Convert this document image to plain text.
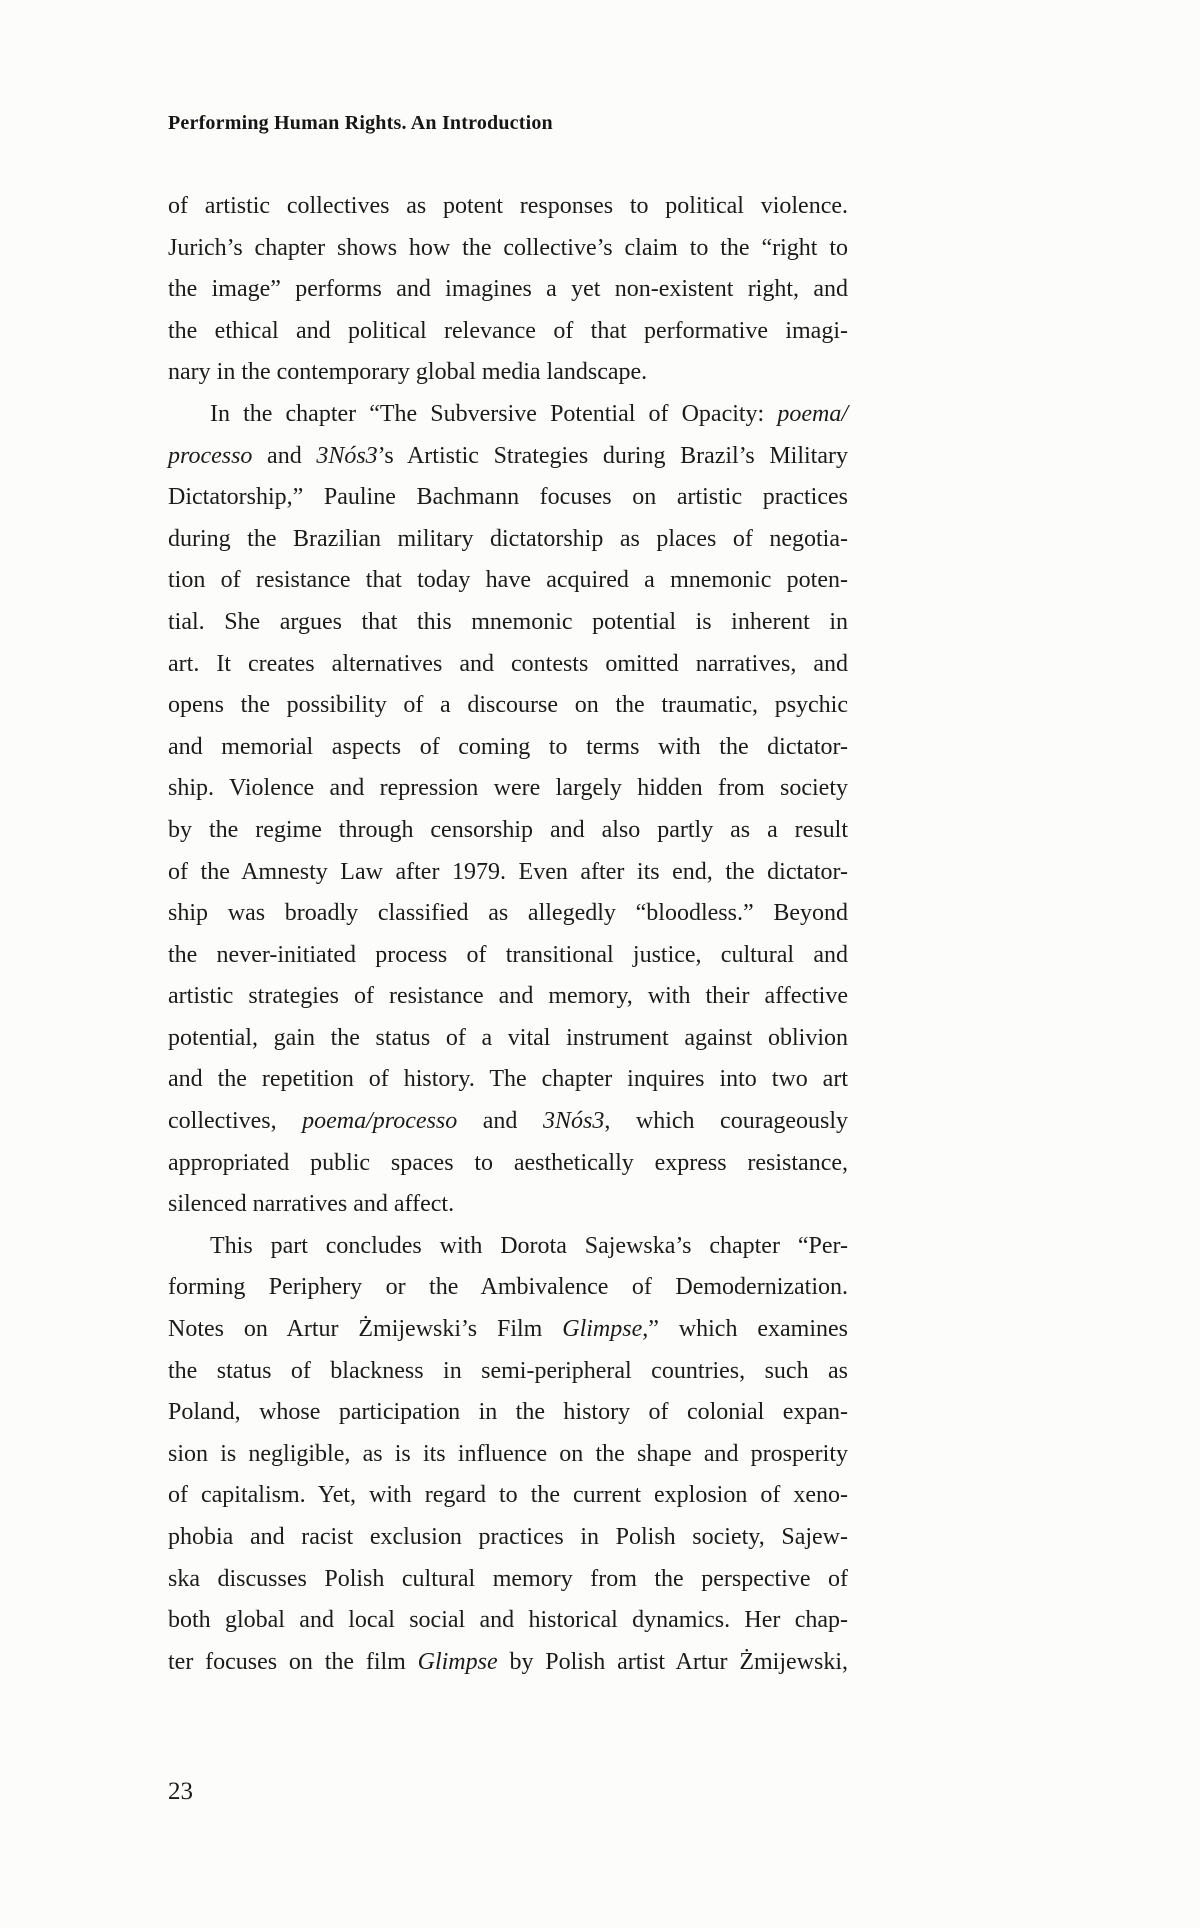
Performing Human Rights. An Introduction
of artistic collectives as potent responses to political violence.
Jurich’s chapter shows how the collective’s claim to the “right to
the image” performs and imagines a yet non-existent right, and
the ethical and political relevance of that performative imagi-
nary in the contemporary global media landscape.
In the chapter “The Subversive Potential of Opacity: poema/
processo and 3Nós3’s Artistic Strategies during Brazil’s Military
Dictatorship,” Pauline Bachmann focuses on artistic practices
during the Brazilian military dictatorship as places of negotia-
tion of resistance that today have acquired a mnemonic poten-
tial. She argues that this mnemonic potential is inherent in
art. It creates alternatives and contests omitted narratives, and
opens the possibility of a discourse on the traumatic, psychic
and memorial aspects of coming to terms with the dictator-
ship. Violence and repression were largely hidden from society
by the regime through censorship and also partly as a result
of the Amnesty Law after 1979. Even after its end, the dictator-
ship was broadly classified as allegedly “bloodless.” Beyond
the never-initiated process of transitional justice, cultural and
artistic strategies of resistance and memory, with their affective
potential, gain the status of a vital instrument against oblivion
and the repetition of history. The chapter inquires into two art
collectives, poema/processo and 3Nós3, which courageously
appropriated public spaces to aesthetically express resistance,
silenced narratives and affect.
This part concludes with Dorota Sajewska’s chapter “Per-
forming Periphery or the Ambivalence of Demodernization.
Notes on Artur Żmijewski’s Film Glimpse,” which examines
the status of blackness in semi-peripheral countries, such as
Poland, whose participation in the history of colonial expan-
sion is negligible, as is its influence on the shape and prosperity
of capitalism. Yet, with regard to the current explosion of xeno-
phobia and racist exclusion practices in Polish society, Sajew-
ska discusses Polish cultural memory from the perspective of
both global and local social and historical dynamics. Her chap-
ter focuses on the film Glimpse by Polish artist Artur Żmijewski,
23
